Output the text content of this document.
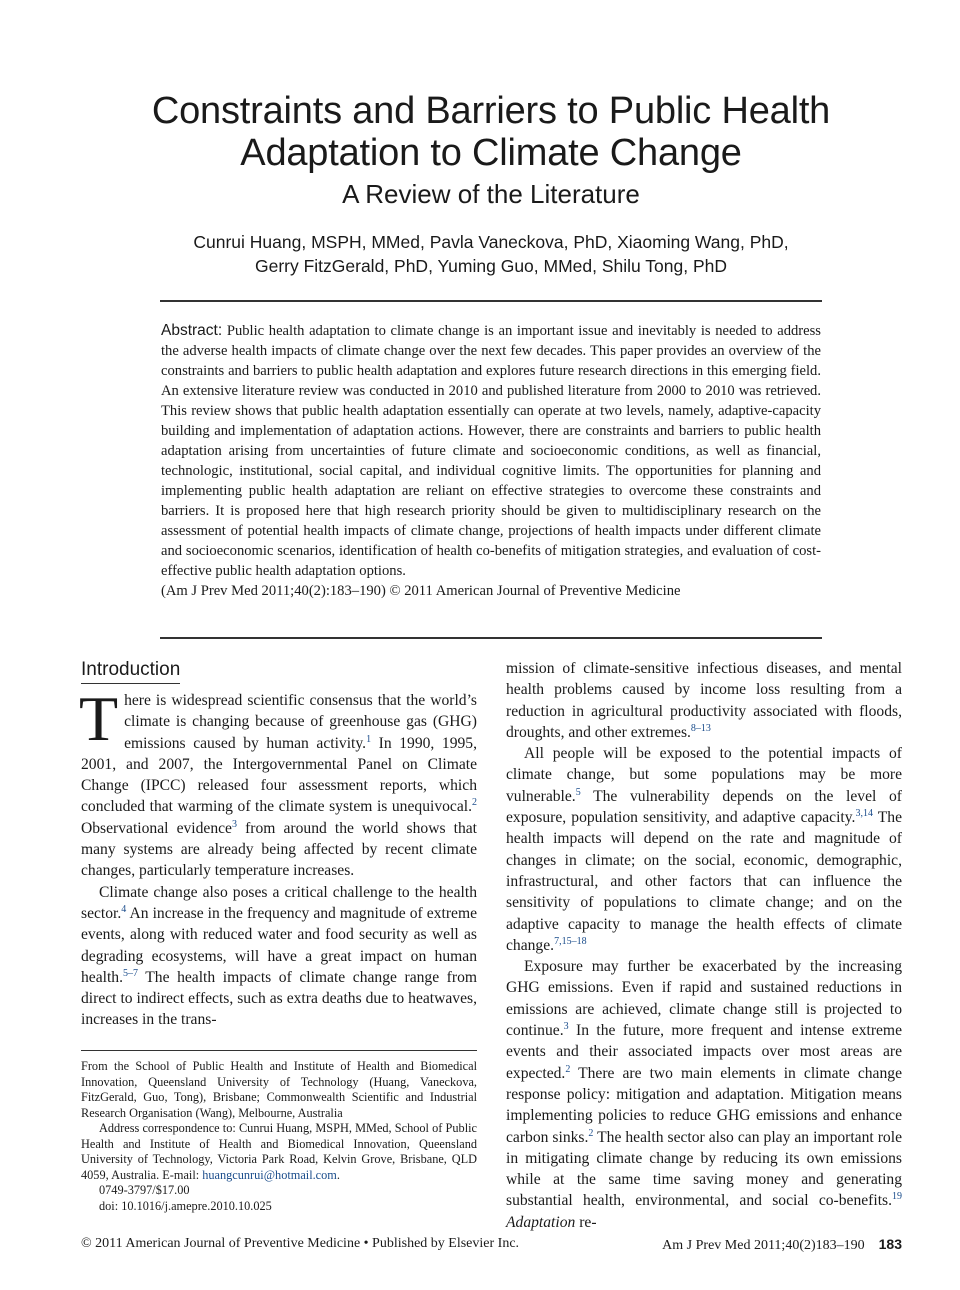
Constraints and Barriers to Public Health
Adaptation to Climate Change
A Review of the Literature
Cunrui Huang, MSPH, MMed, Pavla Vaneckova, PhD, Xiaoming Wang, PhD,
Gerry FitzGerald, PhD, Yuming Guo, MMed, Shilu Tong, PhD
Abstract: Public health adaptation to climate change is an important issue and inevitably is needed to address the adverse health impacts of climate change over the next few decades. This paper provides an overview of the constraints and barriers to public health adaptation and explores future research directions in this emerging field. An extensive literature review was conducted in 2010 and published literature from 2000 to 2010 was retrieved. This review shows that public health adaptation essentially can operate at two levels, namely, adaptive-capacity building and implementation of adaptation actions. However, there are constraints and barriers to public health adaptation arising from uncertainties of future climate and socioeconomic conditions, as well as financial, technologic, institutional, social capital, and individual cognitive limits. The opportunities for planning and implementing public health adaptation are reliant on effective strategies to overcome these constraints and barriers. It is proposed here that high research priority should be given to multidisciplinary research on the assessment of potential health impacts of climate change, projections of health impacts under different climate and socioeconomic scenarios, identification of health co-benefits of mitigation strategies, and evaluation of cost-effective public health adaptation options.
(Am J Prev Med 2011;40(2):183–190) © 2011 American Journal of Preventive Medicine
Introduction

There is widespread scientific consensus that the world’s climate is changing because of greenhouse gas (GHG) emissions caused by human activity.$^1$ In 1990, 1995, 2001, and 2007, the Intergovernmental Panel on Climate Change (IPCC) released four assessment reports, which concluded that warming of the climate system is unequivocal.$^2$ Observational evidence$^3$ from around the world shows that many systems are already being affected by recent climate changes, particularly temperature increases.

Climate change also poses a critical challenge to the health sector.$^4$ An increase in the frequency and magnitude of extreme events, along with reduced water and food security as well as degrading ecosystems, will have a great impact on human health.$^{5-7}$ The health impacts of climate change range from direct to indirect effects, such as extra deaths due to heatwaves, increases in the trans-

mission of climate-sensitive infectious diseases, and mental health problems caused by income loss resulting from a reduction in agricultural productivity associated with floods, droughts, and other extremes.$^{8-13}$

All people will be exposed to the potential impacts of climate change, but some populations may be more vulnerable.$^5$ The vulnerability depends on the level of exposure, population sensitivity, and adaptive capacity.$^{3,14}$ The health impacts will depend on the rate and magnitude of changes in climate; on the social, economic, demographic, infrastructural, and other factors that can influence the sensitivity of populations to climate change; and on the adaptive capacity to manage the health effects of climate change.$^{7,15-18}$

Exposure may further be exacerbated by the increasing GHG emissions. Even if rapid and sustained reductions in emissions are achieved, climate change still is projected to continue.$^3$ In the future, more frequent and intense extreme events and their associated impacts over most areas are expected.$^2$ There are two main elements in climate change response policy: mitigation and adaptation. Mitigation means implementing policies to reduce GHG emissions and enhance carbon sinks.$^2$ The health sector also can play an important role in mitigating climate change by reducing its own emissions while at the same time saving money and generating substantial health, environmental, and social co-benefits.$^{19}$ Adaptation re-

From the School of Public Health and Institute of Health and Biomedical Innovation, Queensland University of Technology (Huang, Vaneckova, FitzGerald, Guo, Tong), Brisbane; Commonwealth Scientific and Industrial Research Organisation (Wang), Melbourne, Australia

Address correspondence to: Cunrui Huang, MSPH, MMed, School of Public Health and Institute of Health and Biomedical Innovation, Queensland University of Technology, Victoria Park Road, Kelvin Grove, Brisbane, QLD 4059, Australia. E-mail: huangcunrui@hotmail.com.

0749-3797/$17.00

doi: 10.1016/j.amepre.2010.10.025

© 2011 American Journal of Preventive Medicine • Published by Elsevier Inc.	Am J Prev Med 2011;40(2)183–190 183
